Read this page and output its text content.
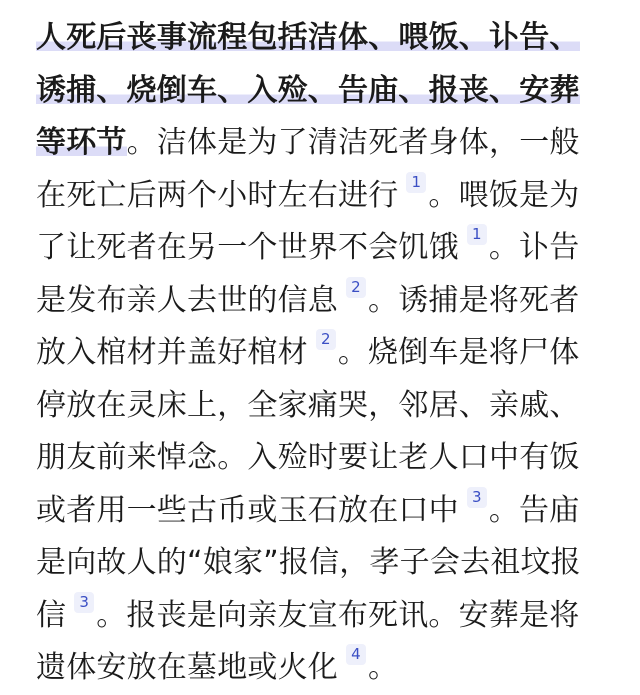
人死后丧事流程包括洁体、喂饭、讣告、诱捕、烧倒车、入殓、告庙、报丧、安葬等环节。洁体是为了清洁死者身体，一般在死亡后两个小时左右进行 1 。喂饭是为了让死者在另一个世界不会饥饿 1 。讣告是发布亲人去世的信息 2 。诱捕是将死者放入棺材并盖好棺材 2 。烧倒车是将尸体停放在灵床上，全家痛哭，邻居、亲戚、朋友前来悼念。入殓时要让老人口中有饭或者用一些古币或玉石放在口中 3 。告庙是向故人的“娘家”报信，孝子会去祖坟报信 3 。报丧是向亲友宣布死讯。安葬是将遗体安放在墓地或火化 4 。
